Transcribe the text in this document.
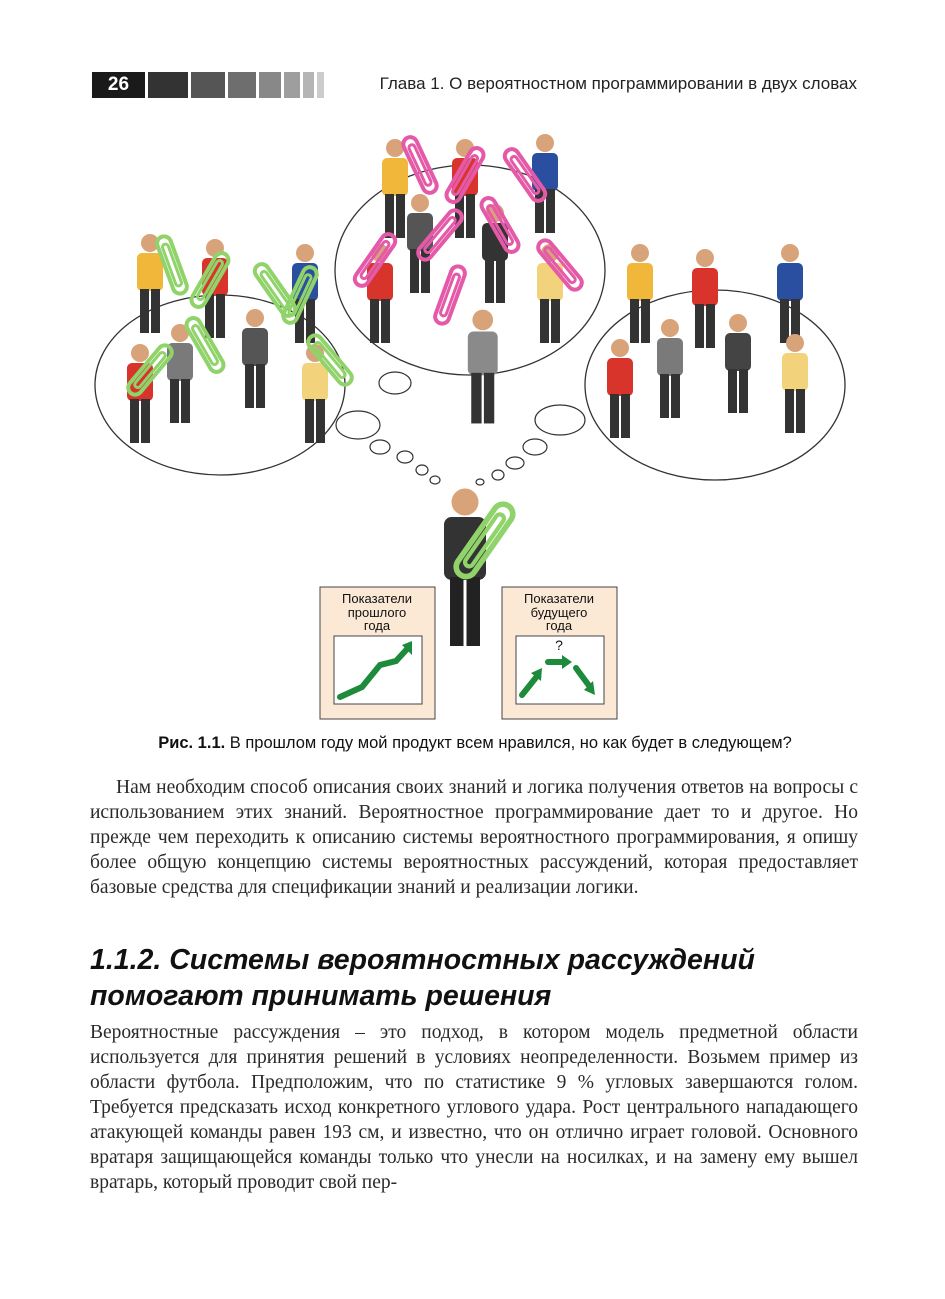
26	Глава 1. О вероятностном программировании в двух словах
Показатели
прошлого
года
Показатели
будущего
года
?
Рис. 1.1. В прошлом году мой продукт всем нравился, но как будет в следующем?

Нам необходим способ описания своих знаний и логика получения ответов на вопросы с использованием этих знаний. Вероятностное программирование дает то и другое. Но прежде чем переходить к описанию системы вероятностного программирования, я опишу более общую концепцию системы вероятностных рассуждений, которая предоставляет базовые средства для спецификации знаний и реализации логики.

1.1.2. Системы вероятностных рассуждений
помогают принимать решения

Вероятностные рассуждения – это подход, в котором модель предметной области используется для принятия решений в условиях неопределенности. Возьмем пример из области футбола. Предположим, что по статистике 9 % угловых завершаются голом. Требуется предсказать исход конкретного углового удара. Рост центрального нападающего атакующей команды равен 193 см, и известно, что он отлично играет головой. Основного вратаря защищающейся команды только что унесли на носилках, и на замену ему вышел вратарь, который проводит свой пер-
